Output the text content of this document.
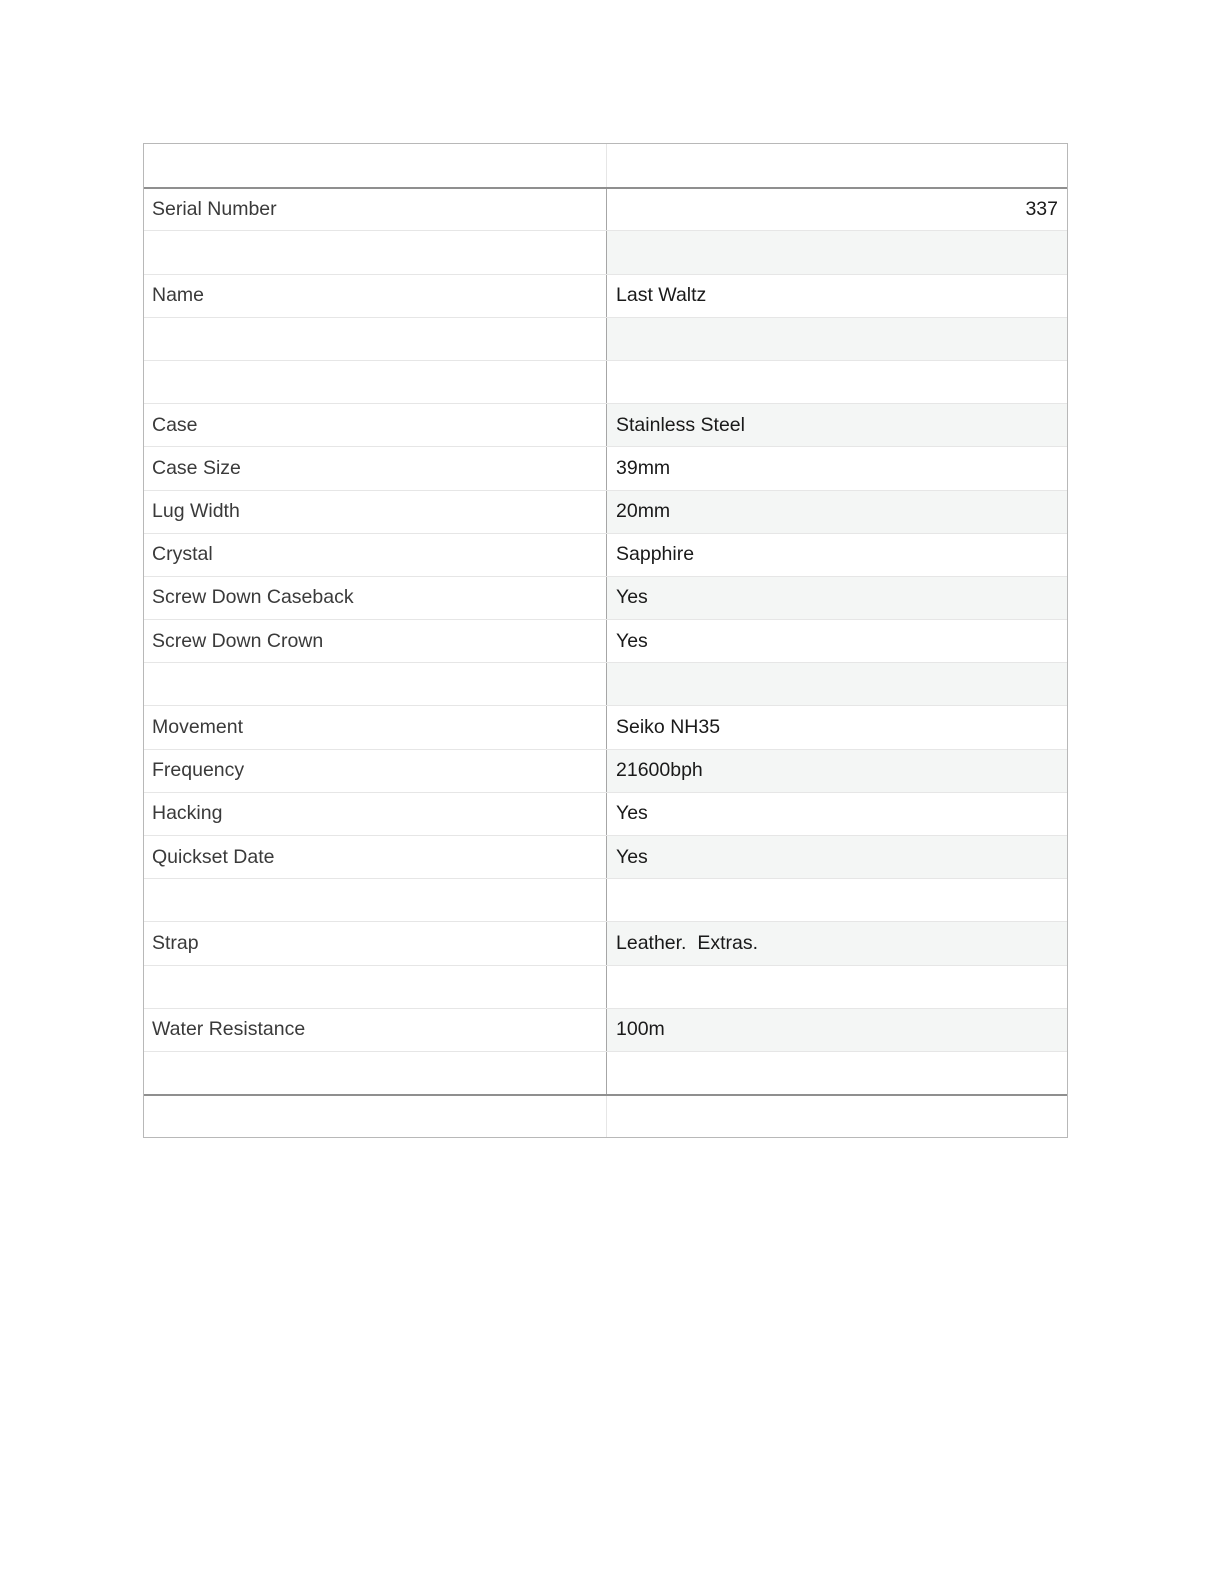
Serial Number	337
Name	Last Waltz
Case	Stainless Steel
Case Size	39mm
Lug Width	20mm
Crystal	Sapphire
Screw Down Caseback	Yes
Screw Down Crown	Yes
Movement	Seiko NH35
Frequency	21600bph
Hacking	Yes
Quickset Date	Yes
Strap	Leather.  Extras.
Water Resistance	100m
